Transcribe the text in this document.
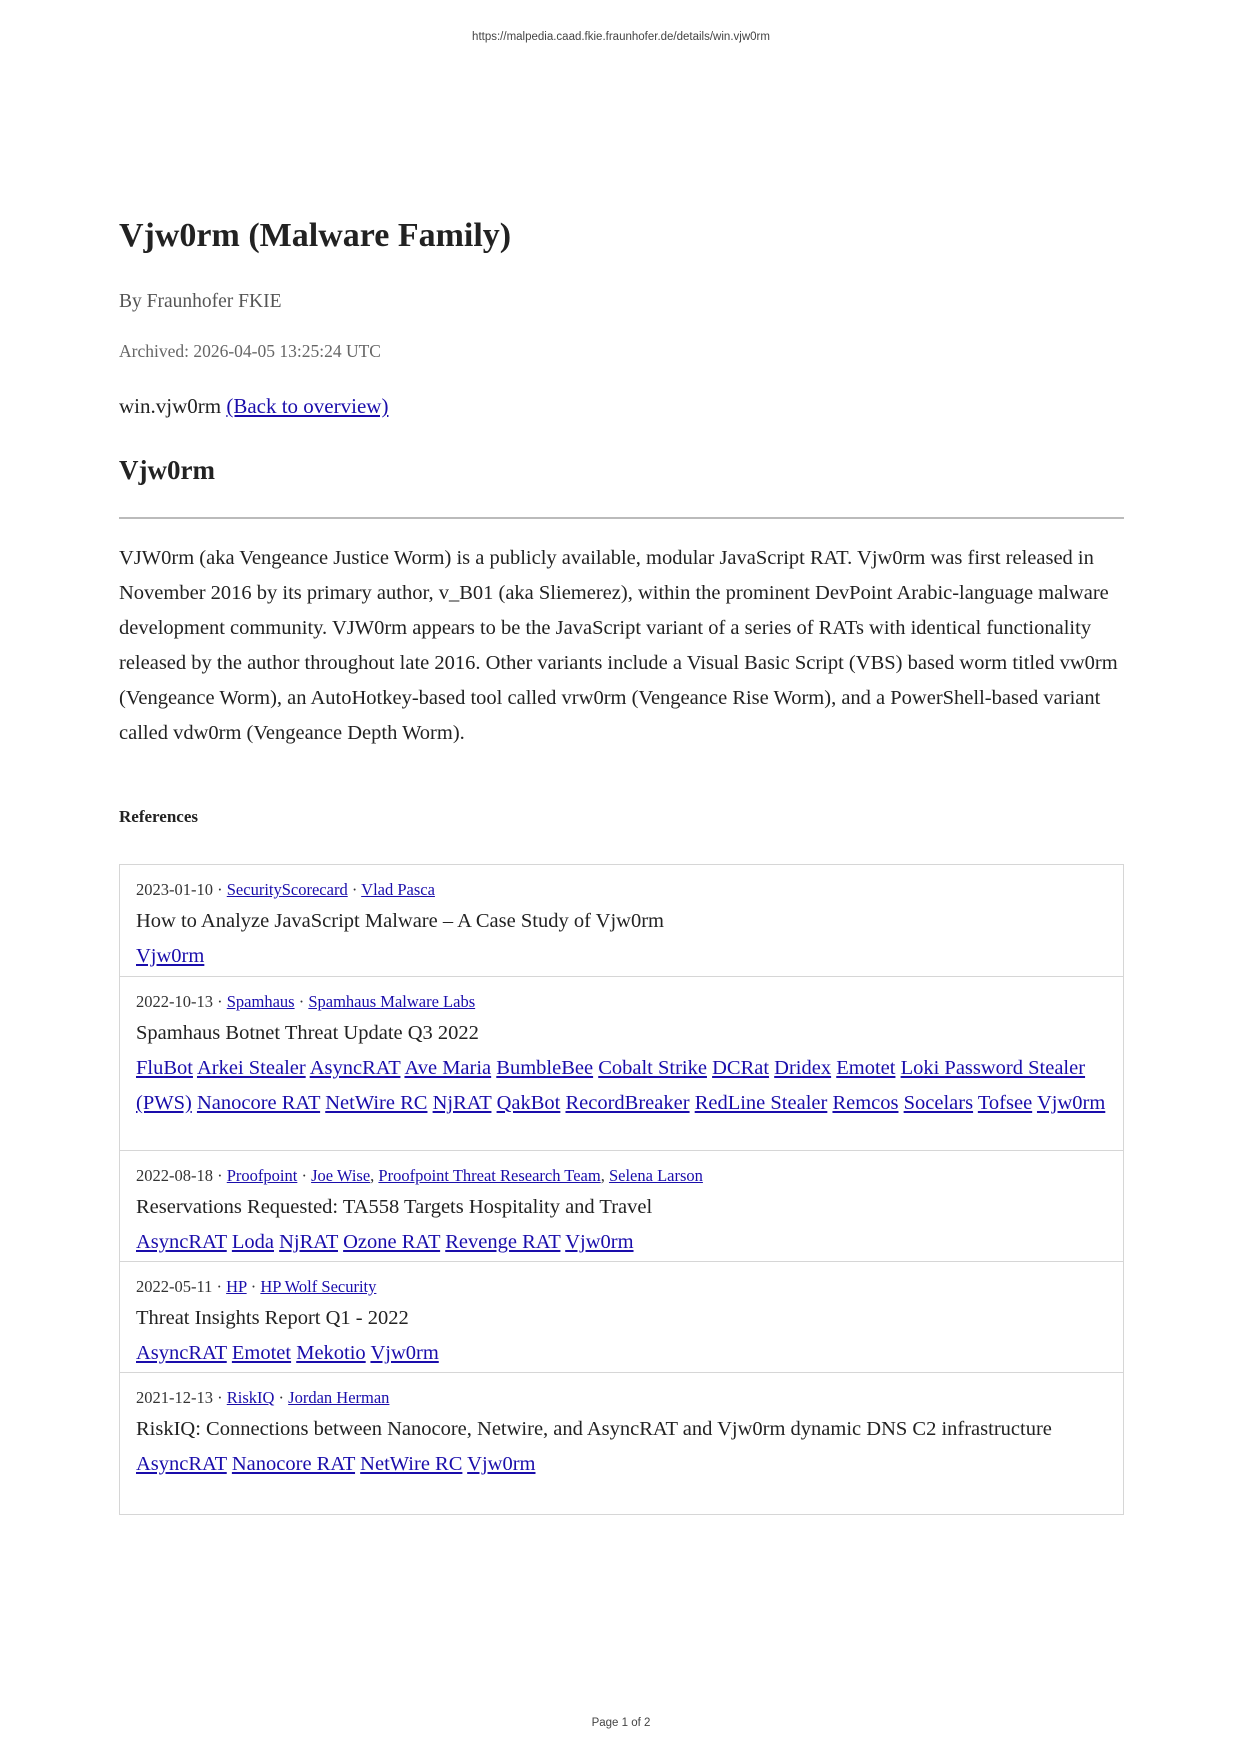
https://malpedia.caad.fkie.fraunhofer.de/details/win.vjw0rm
Vjw0rm (Malware Family)
By Fraunhofer FKIE
Archived: 2026-04-05 13:25:24 UTC
win.vjw0rm (Back to overview)
Vjw0rm

VJW0rm (aka Vengeance Justice Worm) is a publicly available, modular JavaScript RAT. Vjw0rm was first released in November 2016 by its primary author, v_B01 (aka Sliemerez), within the prominent DevPoint Arabic-language malware development community. VJW0rm appears to be the JavaScript variant of a series of RATs with identical functionality released by the author throughout late 2016. Other variants include a Visual Basic Script (VBS) based worm titled vw0rm (Vengeance Worm), an AutoHotkey-based tool called vrw0rm (Vengeance Rise Worm), and a PowerShell-based variant called vdw0rm (Vengeance Depth Worm).

References
2023-01-10 · SecurityScorecard · Vlad Pasca
How to Analyze JavaScript Malware – A Case Study of Vjw0rm
Vjw0rm
2022-10-13 · Spamhaus · Spamhaus Malware Labs
Spamhaus Botnet Threat Update Q3 2022
FluBot Arkei Stealer AsyncRAT Ave Maria BumbleBee Cobalt Strike DCRat Dridex Emotet Loki Password Stealer (PWS) Nanocore RAT NetWire RC NjRAT QakBot RecordBreaker RedLine Stealer Remcos Socelars Tofsee Vjw0rm
2022-08-18 · Proofpoint · Joe Wise, Proofpoint Threat Research Team, Selena Larson
Reservations Requested: TA558 Targets Hospitality and Travel
AsyncRAT Loda NjRAT Ozone RAT Revenge RAT Vjw0rm
2022-05-11 · HP · HP Wolf Security
Threat Insights Report Q1 - 2022
AsyncRAT Emotet Mekotio Vjw0rm
2021-12-13 · RiskIQ · Jordan Herman
RiskIQ: Connections between Nanocore, Netwire, and AsyncRAT and Vjw0rm dynamic DNS C2 infrastructure
AsyncRAT Nanocore RAT NetWire RC Vjw0rm
Page 1 of 2
